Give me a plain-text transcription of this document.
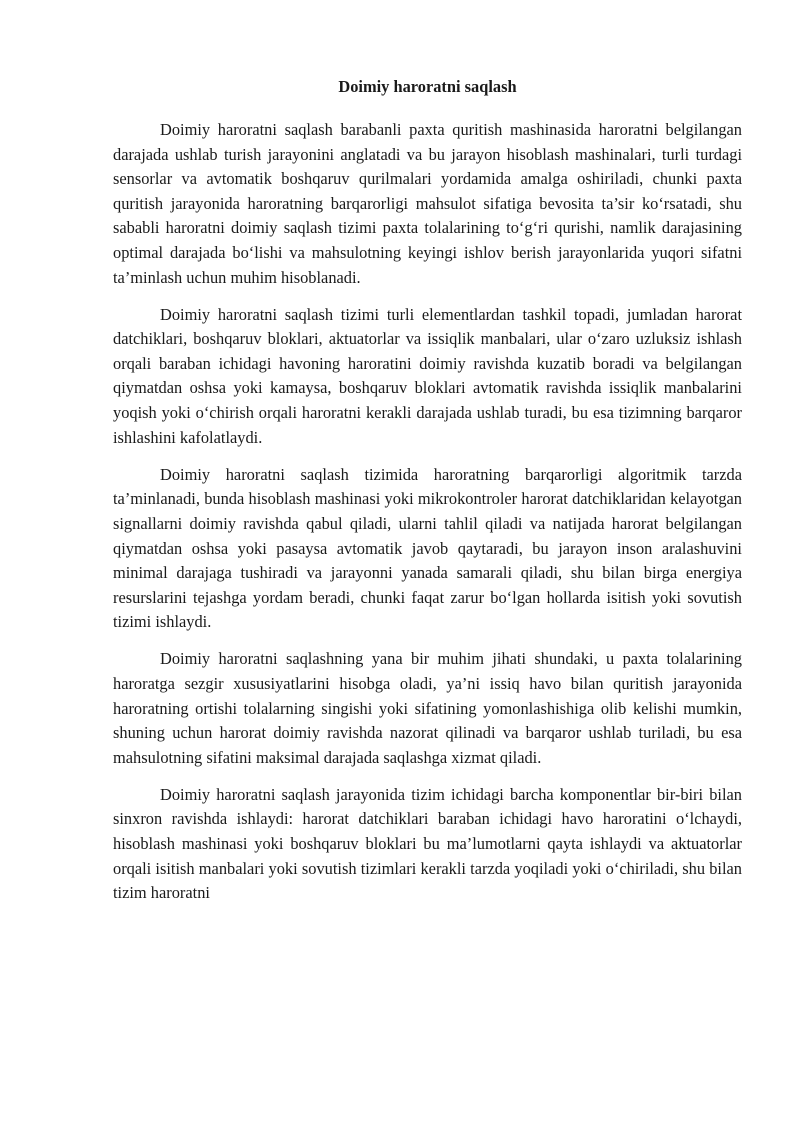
Doimiy haroratni saqlash

Doimiy haroratni saqlash barabanli paxta quritish mashinasida haroratni belgilangan darajada ushlab turish jarayonini anglatadi va bu jarayon hisoblash mashinalari, turli turdagi sensorlar va avtomatik boshqaruv qurilmalari yordamida amalga oshiriladi, chunki paxta quritish jarayonida haroratning barqarorligi mahsulot sifatiga bevosita ta’sir ko‘rsatadi, shu sababli haroratni doimiy saqlash tizimi paxta tolalarining to‘g‘ri qurishi, namlik darajasining optimal darajada bo‘lishi va mahsulotning keyingi ishlov berish jarayonlarida yuqori sifatni ta’minlash uchun muhim hisoblanadi.

Doimiy haroratni saqlash tizimi turli elementlardan tashkil topadi, jumladan harorat datchiklari, boshqaruv bloklari, aktuatorlar va issiqlik manbalari, ular o‘zaro uzluksiz ishlash orqali baraban ichidagi havoning haroratini doimiy ravishda kuzatib boradi va belgilangan qiymatdan oshsa yoki kamaysa, boshqaruv bloklari avtomatik ravishda issiqlik manbalarini yoqish yoki o‘chirish orqali haroratni kerakli darajada ushlab turadi, bu esa tizimning barqaror ishlashini kafolatlaydi.

Doimiy haroratni saqlash tizimida haroratning barqarorligi algoritmik tarzda ta’minlanadi, bunda hisoblash mashinasi yoki mikrokontroler harorat datchiklaridan kelayotgan signallarni doimiy ravishda qabul qiladi, ularni tahlil qiladi va natijada harorat belgilangan qiymatdan oshsa yoki pasaysa avtomatik javob qaytaradi, bu jarayon inson aralashuvini minimal darajaga tushiradi va jarayonni yanada samarali qiladi, shu bilan birga energiya resurslarini tejashga yordam beradi, chunki faqat zarur bo‘lgan hollarda isitish yoki sovutish tizimi ishlaydi.

Doimiy haroratni saqlashning yana bir muhim jihati shundaki, u paxta tolalarining haroratga sezgir xususiyatlarini hisobga oladi, ya’ni issiq havo bilan quritish jarayonida haroratning ortishi tolalarning singishi yoki sifatining yomonlashishiga olib kelishi mumkin, shuning uchun harorat doimiy ravishda nazorat qilinadi va barqaror ushlab turiladi, bu esa mahsulotning sifatini maksimal darajada saqlashga xizmat qiladi.

Doimiy haroratni saqlash jarayonida tizim ichidagi barcha komponentlar bir-biri bilan sinxron ravishda ishlaydi: harorat datchiklari baraban ichidagi havo haroratini o‘lchaydi, hisoblash mashinasi yoki boshqaruv bloklari bu ma’lumotlarni qayta ishlaydi va aktuatorlar orqali isitish manbalari yoki sovutish tizimlari kerakli tarzda yoqiladi yoki o‘chiriladi, shu bilan tizim haroratni
